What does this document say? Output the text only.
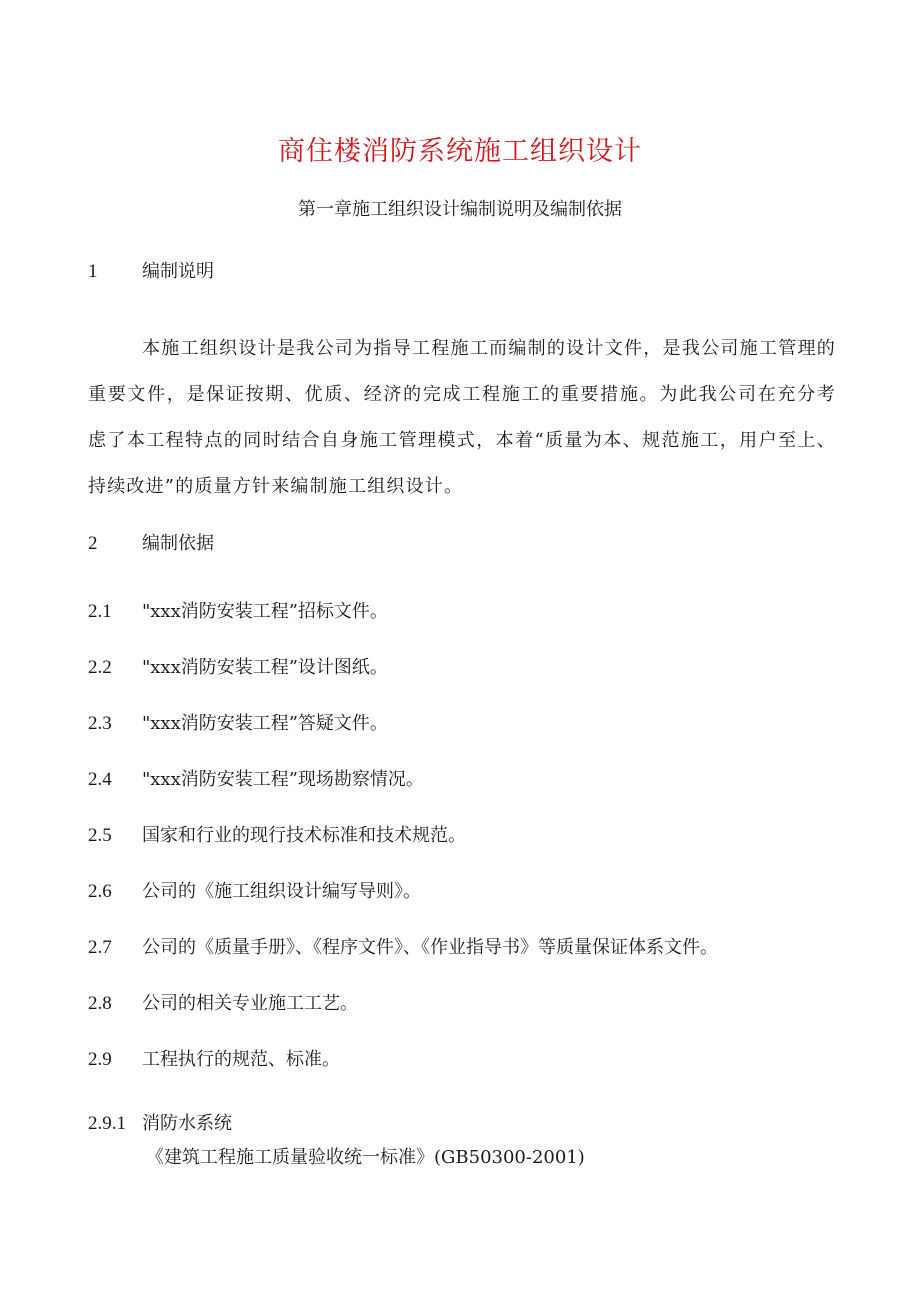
商住楼消防系统施工组织设计
第一章施工组织设计编制说明及编制依据
1 编制说明
本施工组织设计是我公司为指导工程施工而编制的设计文件，是我公司施工管理的重要文件，是保证按期、优质、经济的完成工程施工的重要措施。为此我公司在充分考虑了本工程特点的同时结合自身施工管理模式，本着“质量为本、规范施工，用户至上、持续改进”的质量方针来编制施工组织设计。
2 编制依据
2.1 "xxx消防安装工程”招标文件。
2.2 "xxx消防安装工程”设计图纸。
2.3 "xxx消防安装工程”答疑文件。
2.4 "xxx消防安装工程”现场勘察情况。
2.5 国家和行业的现行技术标准和技术规范。
2.6 公司的《施工组织设计编写导则》。
2.7 公司的《质量手册》、《程序文件》、《作业指导书》等质量保证体系文件。
2.8 公司的相关专业施工工艺。
2.9 工程执行的规范、标准。
2.9.1 消防水系统
《建筑工程施工质量验收统一标准》(GB50300-2001)
